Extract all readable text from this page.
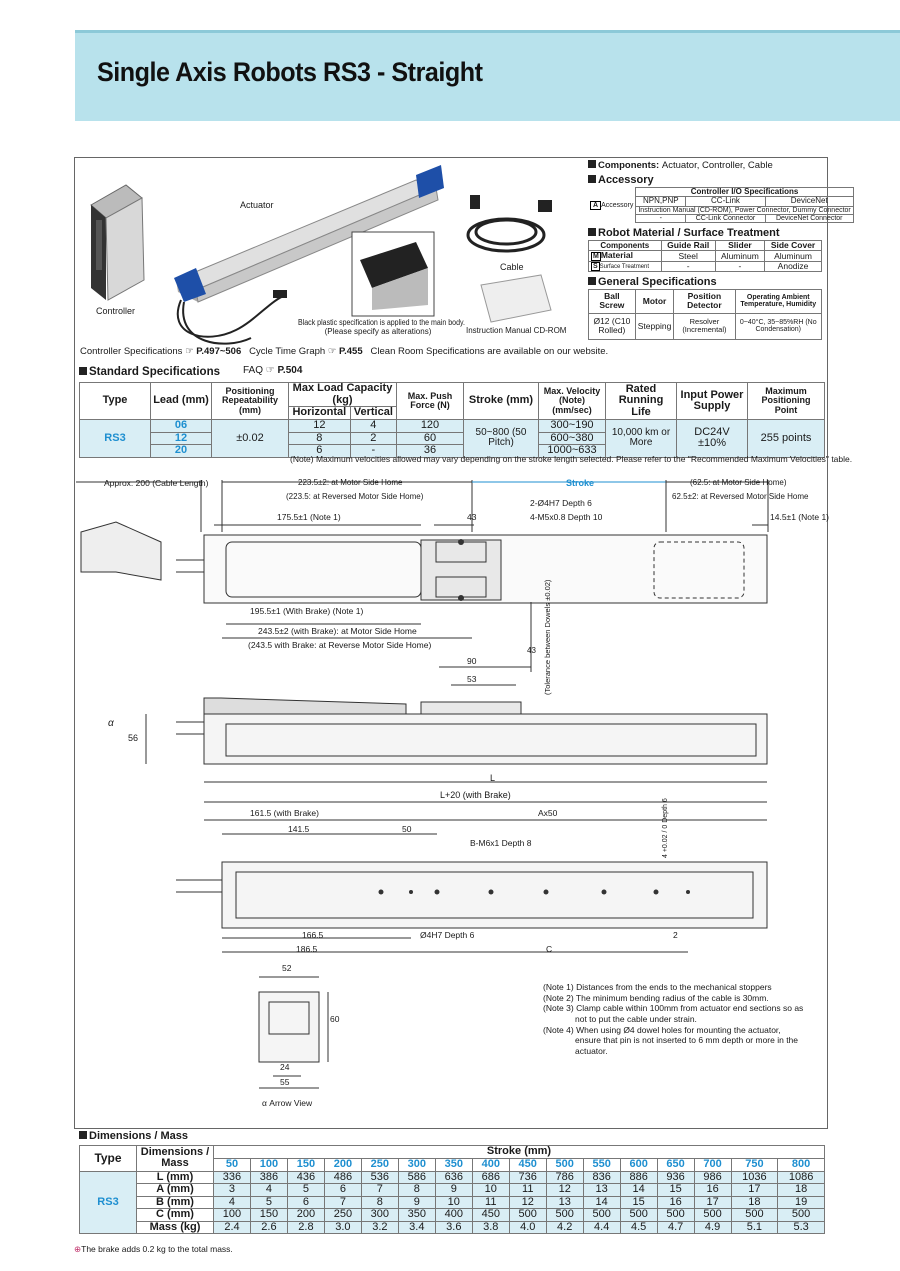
Single Axis Robots RS3 - Straight
Actuator
Controller
Cable
Black plastic specification is applied to the main body.
(Please specify as alterations)	Instruction Manual CD-ROM
Controller Specifications ☞ P.497~506 Cycle Time Graph ☞ P.455 Clean Room Specifications are available on our website.
Components: Actuator, Controller, Cable
Accessory
A Accessory	Controller I/O Specifications		
	NPN,PNP	CC-Link	DeviceNet
	Instruction Manual (CD-ROM), Power Connector, Dummy Connector		
	-	CC-Link Connector	DeviceNet Connector
Robot Material / Surface Treatment
Components	Guide Rail	Slider	Side Cover
M Material	Steel	Aluminum	Aluminum
S Surface Treatment	-	-	Anodize
General Specifications
Ball Screw	Motor	Position Detector	Operating Ambient Temperature, Humidity
Ø12 (C10 Rolled)	Stepping	Resolver (Incremental)	0~40°C, 35~85%RH (No Condensation)
Standard Specifications FAQ ☞ P.504
Type	Lead (mm)	Positioning Repeatability (mm)	Max Load Capacity (kg)		Max. Push Force (N)	Stroke (mm)	Max. Velocity (Note) (mm/sec)	Rated Running Life	Input Power Supply	Maximum Positioning Point
			Horizontal	Vertical						
RS3	06	±0.02	12	4	120	50~800 (50 Pitch)	300~190	10,000 km or More	DC24V ±10%	255 points
	12		8	2	60		600~380			
	20		6	-	36		1000~633			
(Note) Maximum velocities allowed may vary depending on the stroke length selected. Please refer to the "Recommended Maximum Velocities" table.
Approx. 200 (Cable Length)	223.5±2: at Motor Side Home
(223.5: at Reversed Motor Side Home)
Stroke	(62.5: at Motor Side Home)
62.5±2: at Reversed Motor Side Home
175.5±1 (Note 1)	43
2-Ø4H7 Depth 6
4-M5x0.8 Depth 10	14.5±1 (Note 1)
195.5±1 (With Brake) (Note 1)
243.5±2 (with Brake): at Motor Side Home
(243.5 with Brake: at Reverse Motor Side Home)
43 (Tolerance between Dowels ±0.02)
90
53
56
α
L
L+20 (with Brake)
161.5 (with Brake)	Ax50
141.5	50
B-M6x1 Depth 8	4 +0.02 / 0 Depth 6
166.5	Ø4H7 Depth 6	2
186.5	C
52
60
24
55
α Arrow View
(Note 1) Distances from the ends to the mechanical stoppers
(Note 2) The minimum bending radius of the cable is 30mm.
(Note 3) Clamp cable within 100mm from actuator end sections so as
not to put the cable under strain.
(Note 4) When using Ø4 dowel holes for mounting the actuator,
ensure that pin is not inserted to 6 mm depth or more in the
actuator.
Dimensions / Mass
Type	Dimensions / Mass	Stroke (mm)															
		50	100	150	200	250	300	350	400	450	500	550	600	650	700	750	800
RS3	L (mm)	336	386	436	486	536	586	636	686	736	786	836	886	936	986	1036	1086
	A (mm)	3	4	5	6	7	8	9	10	11	12	13	14	15	16	17	18
	B (mm)	4	5	6	7	8	9	10	11	12	13	14	15	16	17	18	19
	C (mm)	100	150	200	250	300	350	400	450	500	500	500	500	500	500	500	500
	Mass (kg)	2.4	2.6	2.8	3.0	3.2	3.4	3.6	3.8	4.0	4.2	4.4	4.5	4.7	4.9	5.1	5.3
⊕The brake adds 0.2 kg to the total mass.
